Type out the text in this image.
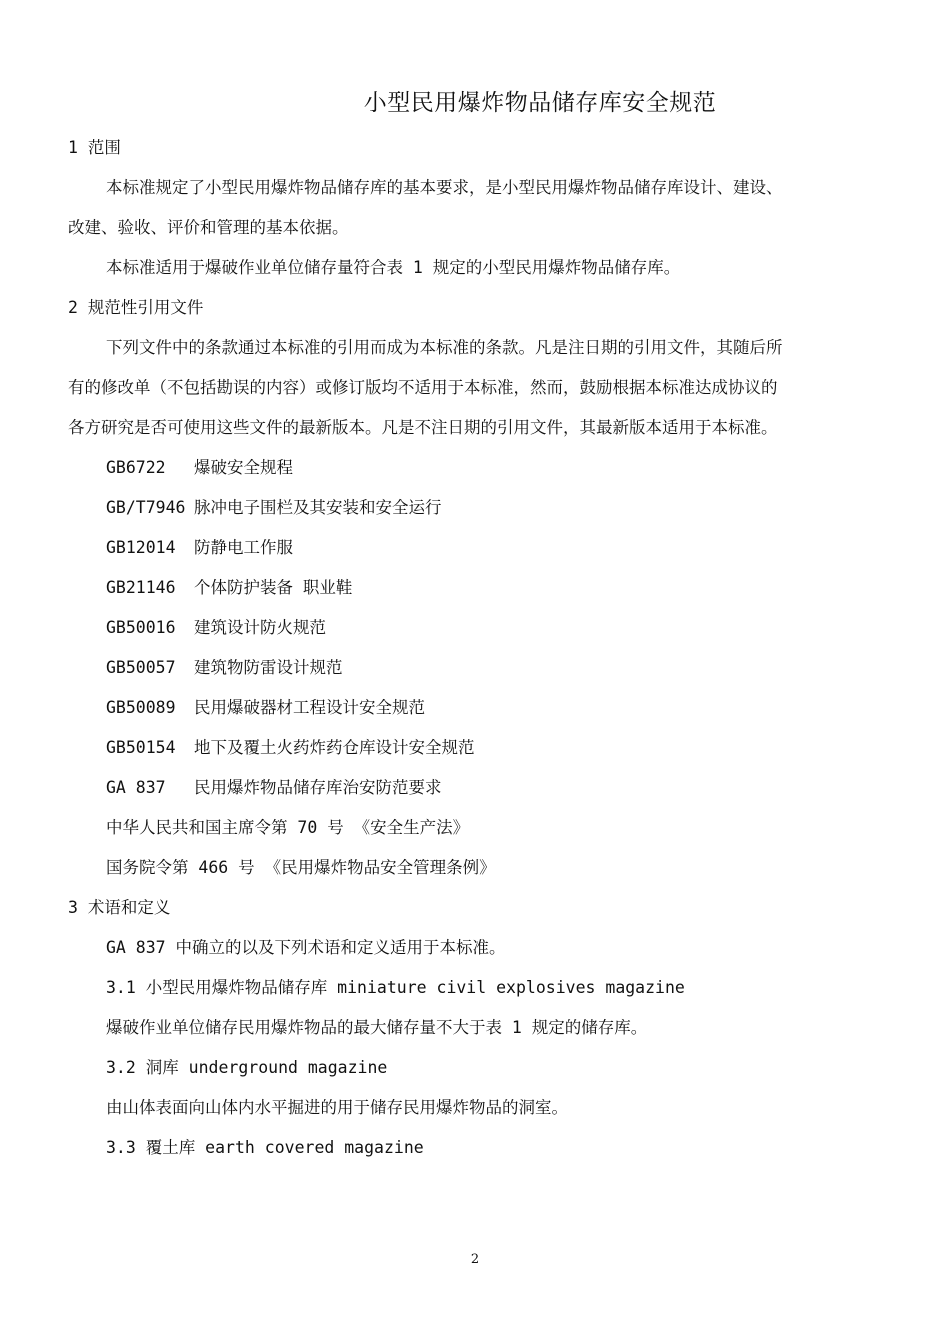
小型民用爆炸物品储存库安全规范
1 范围
本标准规定了小型民用爆炸物品储存库的基本要求，是小型民用爆炸物品储存库设计、建设、
改建、验收、评价和管理的基本依据。
本标准适用于爆破作业单位储存量符合表 1 规定的小型民用爆炸物品储存库。
2 规范性引用文件
下列文件中的条款通过本标准的引用而成为本标准的条款。凡是注日期的引用文件，其随后所
有的修改单（不包括勘误的内容）或修订版均不适用于本标准，然而，鼓励根据本标准达成协议的
各方研究是否可使用这些文件的最新版本。凡是不注日期的引用文件，其最新版本适用于本标准。
GB6722 爆破安全规程
GB/T7946 脉冲电子围栏及其安装和安全运行
GB12014 防静电工作服
GB21146 个体防护装备 职业鞋
GB50016 建筑设计防火规范
GB50057 建筑物防雷设计规范
GB50089 民用爆破器材工程设计安全规范
GB50154 地下及覆土火药炸药仓库设计安全规范
GA 837 民用爆炸物品储存库治安防范要求
中华人民共和国主席令第 70 号 《安全生产法》
国务院令第 466 号 《民用爆炸物品安全管理条例》
3 术语和定义
GA 837 中确立的以及下列术语和定义适用于本标准。
3.1 小型民用爆炸物品储存库 miniature civil explosives magazine
爆破作业单位储存民用爆炸物品的最大储存量不大于表 1 规定的储存库。
3.2 洞库 underground magazine
由山体表面向山体内水平掘进的用于储存民用爆炸物品的洞室。
3.3 覆土库 earth covered magazine
2
